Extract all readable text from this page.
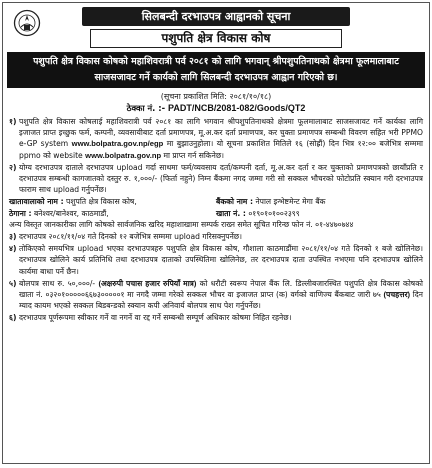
सिलबन्दी दरभाउपत्र आह्वानको सूचना
पशुपति क्षेत्र विकास कोष
पशुपति क्षेत्र विकास कोषको महाशिवरात्री पर्व २०८१ को लागि भगवान् श्रीपशुपतिनाथको क्षेत्रमा फूलमालाबाट साजसजावट गर्ने कार्यको लागि सिलबन्दी दरभाउपत्र आह्वान गरिएको छ।
(सूचना प्रकाशित मिति: २०८१/१०/१८)
ठेक्का नं. :- PADT/NCB/2081-082/Goods/QT2
१) पशुपति क्षेत्र विकास कोषलाई महाशिवरात्री पर्व २०८१ का लागि भगवान श्रीपशुपतिनाथको क्षेत्रमा फूलमालाबाट साजसजावट गर्ने कार्यका लागि इजाजत प्राप्त इच्छुक फर्म, कम्पनी, व्यवसायीबाट दर्ता प्रमाणपत्र, मू.अ.कर दर्ता प्रमाणपत्र, कर चुक्ता प्रमाणपत्र सम्बन्धी विवरण सहित भरी PPMO e-GP system www.bolpatra.gov.np/egp मा बुझाउनुहोला। यो सूचना प्रकाशित मितिले १६ (सोह्रौं) दिन भित्र १२:०० बजेभित्र सम्ममा ppmo को website www.bolpatra.gov.np मा प्राप्त गर्न सकिनेछ।
२) योग्य दरभाउपत्र दाताले दरभाउपत्र upload गर्दा साथमा फर्म/व्यवसाय दर्ता/कम्पनी दर्ता, मू.अ.कर दर्ता र कर चुक्ताको प्रमाणपत्रको छायाँप्रति र दरभाउपत्र सम्बन्धी कागजातको दस्तुर रु. १,०००/- (फिर्ता नहुने) निम्न बैंकमा नगद जम्मा गरी सो सक्कल भौचरको फोटोप्रति स्क्यान गरी दरभाउपत्र फाराम साथ upload गर्नुपर्नेछ।
खातावालाको नाम : पशुपति क्षेत्र विकास कोष,
ठेगाना : बनेश्वर/बानेश्वर, काठमाडौं,
बैंकको नाम : नेपाल इन्भेष्टमेन्ट मेगा बैंक
खाता नं. : ०१९०१०१००२३९९
अन्य विस्तृत जानकारीका लागि कोषको सार्वजनिक खरिद महाशाखामा सम्पर्क राख्न समेत सूचित गरिन्छ फोन नं. ०१-४४७०७४४
३) दरभाउपत्र २०८१/११/०४ गते दिनको १२ बजेभित्र सम्ममा upload गरिसक्नुपर्नेछ।
४) तोकिएको समयभित्र upload भएका दरभाउपत्रहरु पशुपति क्षेत्र विकास कोष, गौशाला काठमाडौंमा २०८१/११/०४ गते दिनको १ बजे खोलिनेछ। दरभाउपत्र खोलिने कार्य प्रतिनिधि तथा दरभाउपत्र दाताको उपस्थितिमा खोलिनेछ, तर दरभाउपत्र दाता उपस्थित नभएमा पनि दरभाउपत्र खोलिने कार्यमा बाधा पर्ने छैन।
५) बोलपत्र साथ रु. ५०,०००/- (अक्षरुपी पचास हजार रुपियाँ मात्र) को धरौटी स्वरूप नेपाल बैंक लि. डिल्लीबजारस्थित पशुपति क्षेत्र विकास कोषको खाता नं. ०३२०१०००००६६७३०००००१ मा नगदै जम्मा गरेको सक्कल भौचर वा इजाजत प्राप्त (क) वर्गको वाणिज्य बैंकबाट जारी ७५ (पचहत्तर) दिन म्याद कायम भएको सक्कल बिडबन्डको स्क्यान कपी अनिवार्य बोलपत्र साथ पेश गर्नुपर्नेछ।
६) दरभाउपत्र पूर्णरूपमा स्वीकार गर्ने वा नगर्ने वा रद्द गर्ने सम्बन्धी सम्पूर्ण अधिकार कोषमा निहित रहनेछ।
